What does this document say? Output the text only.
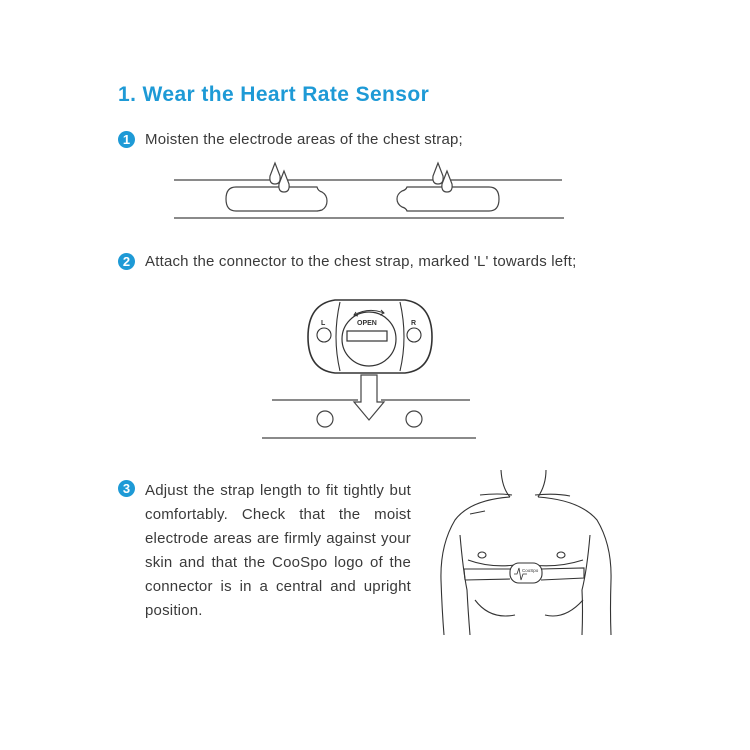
1. Wear the Heart Rate Sensor
1 Moisten the electrode areas of the chest strap;
2 Attach the connector to the chest strap, marked 'L' towards left;
L	R
OPEN
3 Adjust the strap length to fit tightly but comfortably. Check that the moist electrode areas are firmly against your skin and that the CooSpo logo of the connector is in a central and upright position.
CooSpo
